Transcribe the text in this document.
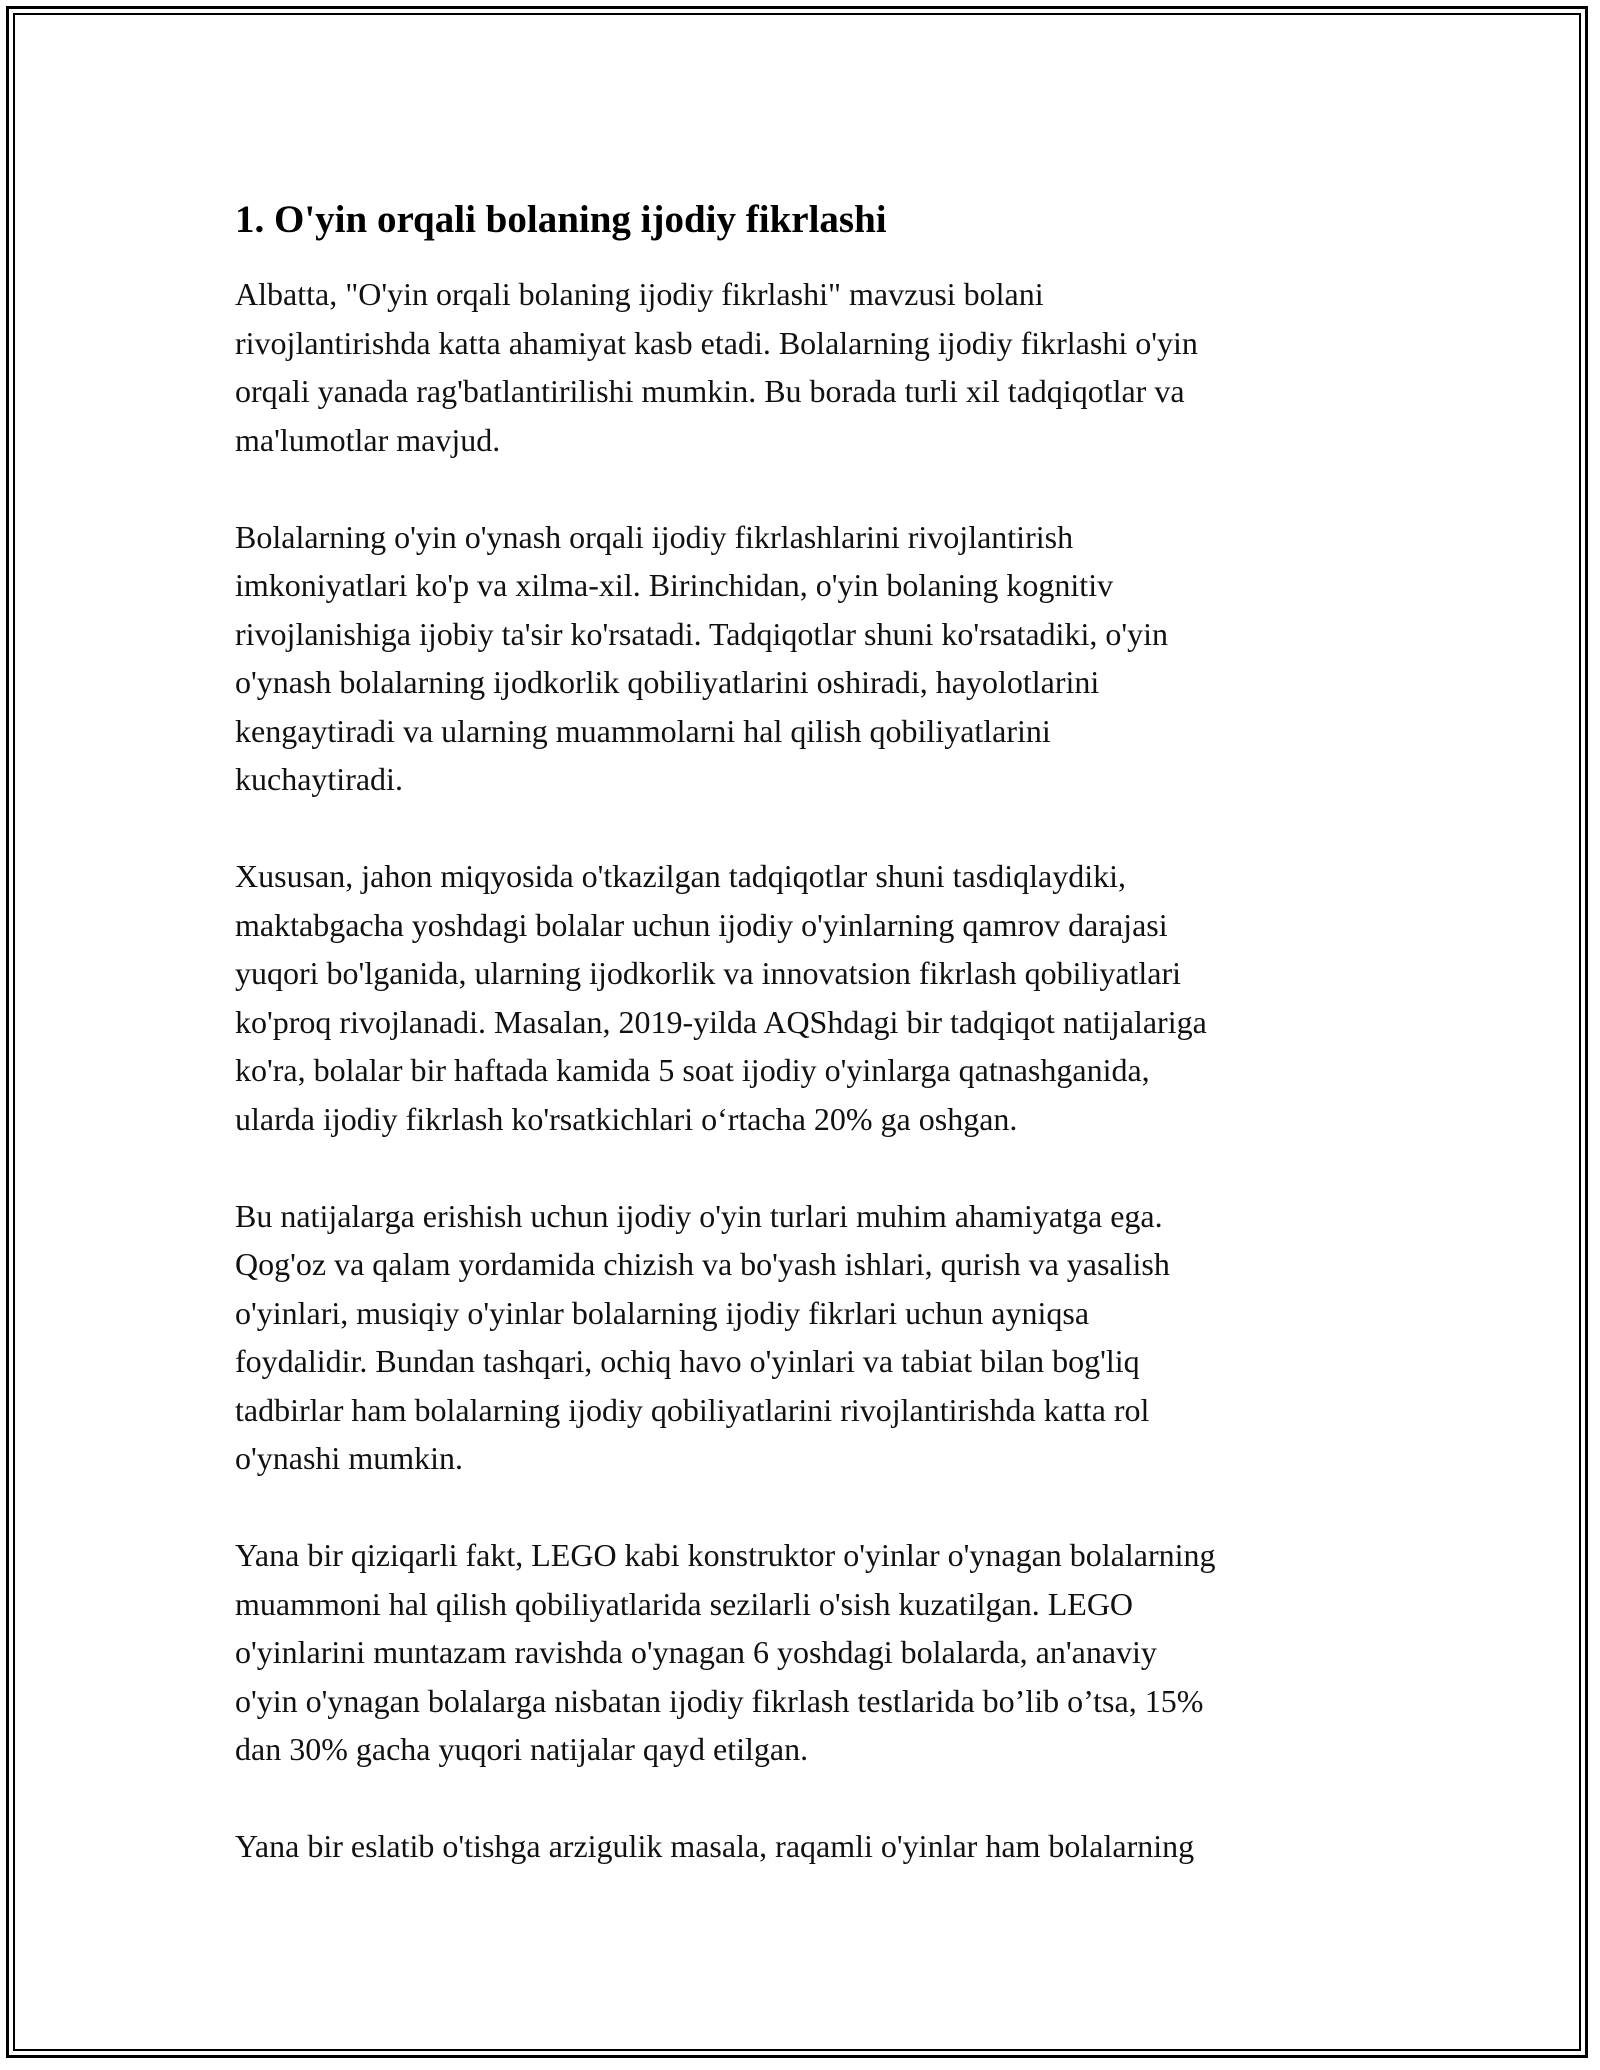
1. O'yin orqali bolaning ijodiy fikrlashi

Albatta, "O'yin orqali bolaning ijodiy fikrlashi" mavzusi bolani
rivojlantirishda katta ahamiyat kasb etadi. Bolalarning ijodiy fikrlashi o'yin
orqali yanada rag'batlantirilishi mumkin. Bu borada turli xil tadqiqotlar va
ma'lumotlar mavjud.

Bolalarning o'yin o'ynash orqali ijodiy fikrlashlarini rivojlantirish
imkoniyatlari ko'p va xilma-xil. Birinchidan, o'yin bolaning kognitiv
rivojlanishiga ijobiy ta'sir ko'rsatadi. Tadqiqotlar shuni ko'rsatadiki, o'yin
o'ynash bolalarning ijodkorlik qobiliyatlarini oshiradi, hayolotlarini
kengaytiradi va ularning muammolarni hal qilish qobiliyatlarini
kuchaytiradi.

Xususan, jahon miqyosida o'tkazilgan tadqiqotlar shuni tasdiqlaydiki,
maktabgacha yoshdagi bolalar uchun ijodiy o'yinlarning qamrov darajasi
yuqori bo'lganida, ularning ijodkorlik va innovatsion fikrlash qobiliyatlari
ko'proq rivojlanadi. Masalan, 2019-yilda AQShdagi bir tadqiqot natijalariga
ko'ra, bolalar bir haftada kamida 5 soat ijodiy o'yinlarga qatnashganida,
ularda ijodiy fikrlash ko'rsatkichlari o‘rtacha 20% ga oshgan.

Bu natijalarga erishish uchun ijodiy o'yin turlari muhim ahamiyatga ega.
Qog'oz va qalam yordamida chizish va bo'yash ishlari, qurish va yasalish
o'yinlari, musiqiy o'yinlar bolalarning ijodiy fikrlari uchun ayniqsa
foydalidir. Bundan tashqari, ochiq havo o'yinlari va tabiat bilan bog'liq
tadbirlar ham bolalarning ijodiy qobiliyatlarini rivojlantirishda katta rol
o'ynashi mumkin.

Yana bir qiziqarli fakt, LEGO kabi konstruktor o'yinlar o'ynagan bolalarning
muammoni hal qilish qobiliyatlarida sezilarli o'sish kuzatilgan. LEGO
o'yinlarini muntazam ravishda o'ynagan 6 yoshdagi bolalarda, an'anaviy
o'yin o'ynagan bolalarga nisbatan ijodiy fikrlash testlarida bo’lib o’tsa, 15%
dan 30% gacha yuqori natijalar qayd etilgan.

Yana bir eslatib o'tishga arzigulik masala, raqamli o'yinlar ham bolalarning
